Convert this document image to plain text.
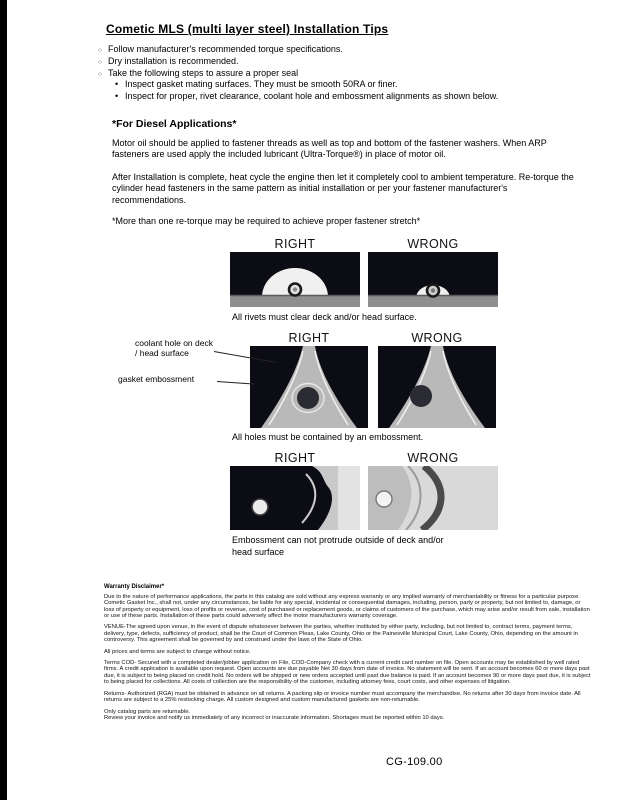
Cometic MLS (multi layer steel) Installation Tips
○ Follow manufacturer's recommended torque specifications.
○ Dry installation is recommended.
○ Take the following steps to assure a proper seal
• Inspect gasket mating surfaces. They must be smooth 50RA or finer.
• Inspect for proper, rivet clearance, coolant hole and embossment alignments as shown below.
*For Diesel Applications*

Motor oil should be applied to fastener threads as well as top and bottom of the fastener washers. When ARP fasteners are used apply the included lubricant (Ultra-Torque®) in place of motor oil.

After Installation is complete, heat cycle the engine then let it completely cool to ambient temperature. Re-torque the cylinder head fasteners in the same pattern as initial installation or per your fastener manufacturer's recommendations.

*More than one re-torque may be required to achieve proper fastener stretch*

RIGHT	WRONG
All rivets must clear deck and/or head surface.
coolant hole on deck / head surface
gasket embossment
RIGHT	WRONG
All holes must be contained by an embossment.
RIGHT	WRONG
Embossment can not protrude outside of deck and/or head surface
Warranty Disclaimer*

Due to the nature of performance applications, the parts in this catalog are sold without any express warranty or any implied warranty of merchantability or fitness for a particular purpose. Cometic Gasket Inc., shall not, under any circumstances, be liable for any special, incidental or consequential damages, including, person, party or property, but not limited to, damage, or loss of property or equipment, loss of profits or revenue, cost of purchased or replacement goods, or claims of customers of the purchase, which may arise and/or result from sale, installation or use of these parts. Installation of these parts could adversely affect the motor manufacturers warranty coverage.

VENUE-The agreed upon venue, in the event of dispute whatsoever between the parties, whether instituted by either party, including, but not limited to, contract terms, payment terms, delivery, type, defects, sufficiency of product, shall be the Court of Common Pleas, Lake County, Ohio or the Painesville Municipal Court, Lake County, Ohio, depending on the amount in controversy. This agreement shall be governed by and construed under the laws of the State of Ohio.

All prices and terms are subject to change without notice.

Terms COD- Secured with a completed dealer/jobber application on File, COD-Company check with a current credit card number on file. Open accounts may be established by well rated firms. A credit application is available upon request. Open accounts are due payable Net 30 days from date of invoice. No statement will be sent. If an account becomes 60 or more days past due, it is subject to being placed on credit hold. No orders will be shipped or new orders accepted until past due balance is paid. If an account becomes 90 or more days past due, it is subject to being placed for collections. All costs of collection are the responsibility of the customer, including attorney fees, court costs, and other expenses of litigation.

Returns- Authorized (RGA) must be obtained in advance on all returns. A packing slip or invoice number must accompany the merchandise. No returns after 30 days from invoice date. All returns are subject to a 25% restocking charge. All custom designed and custom manufactured gaskets are non-returnable.

Only catalog parts are returnable.

Review your invoice and notify us immediately of any incorrect or inaccurate information. Shortages must be reported within 10 days.

CG-109.00
